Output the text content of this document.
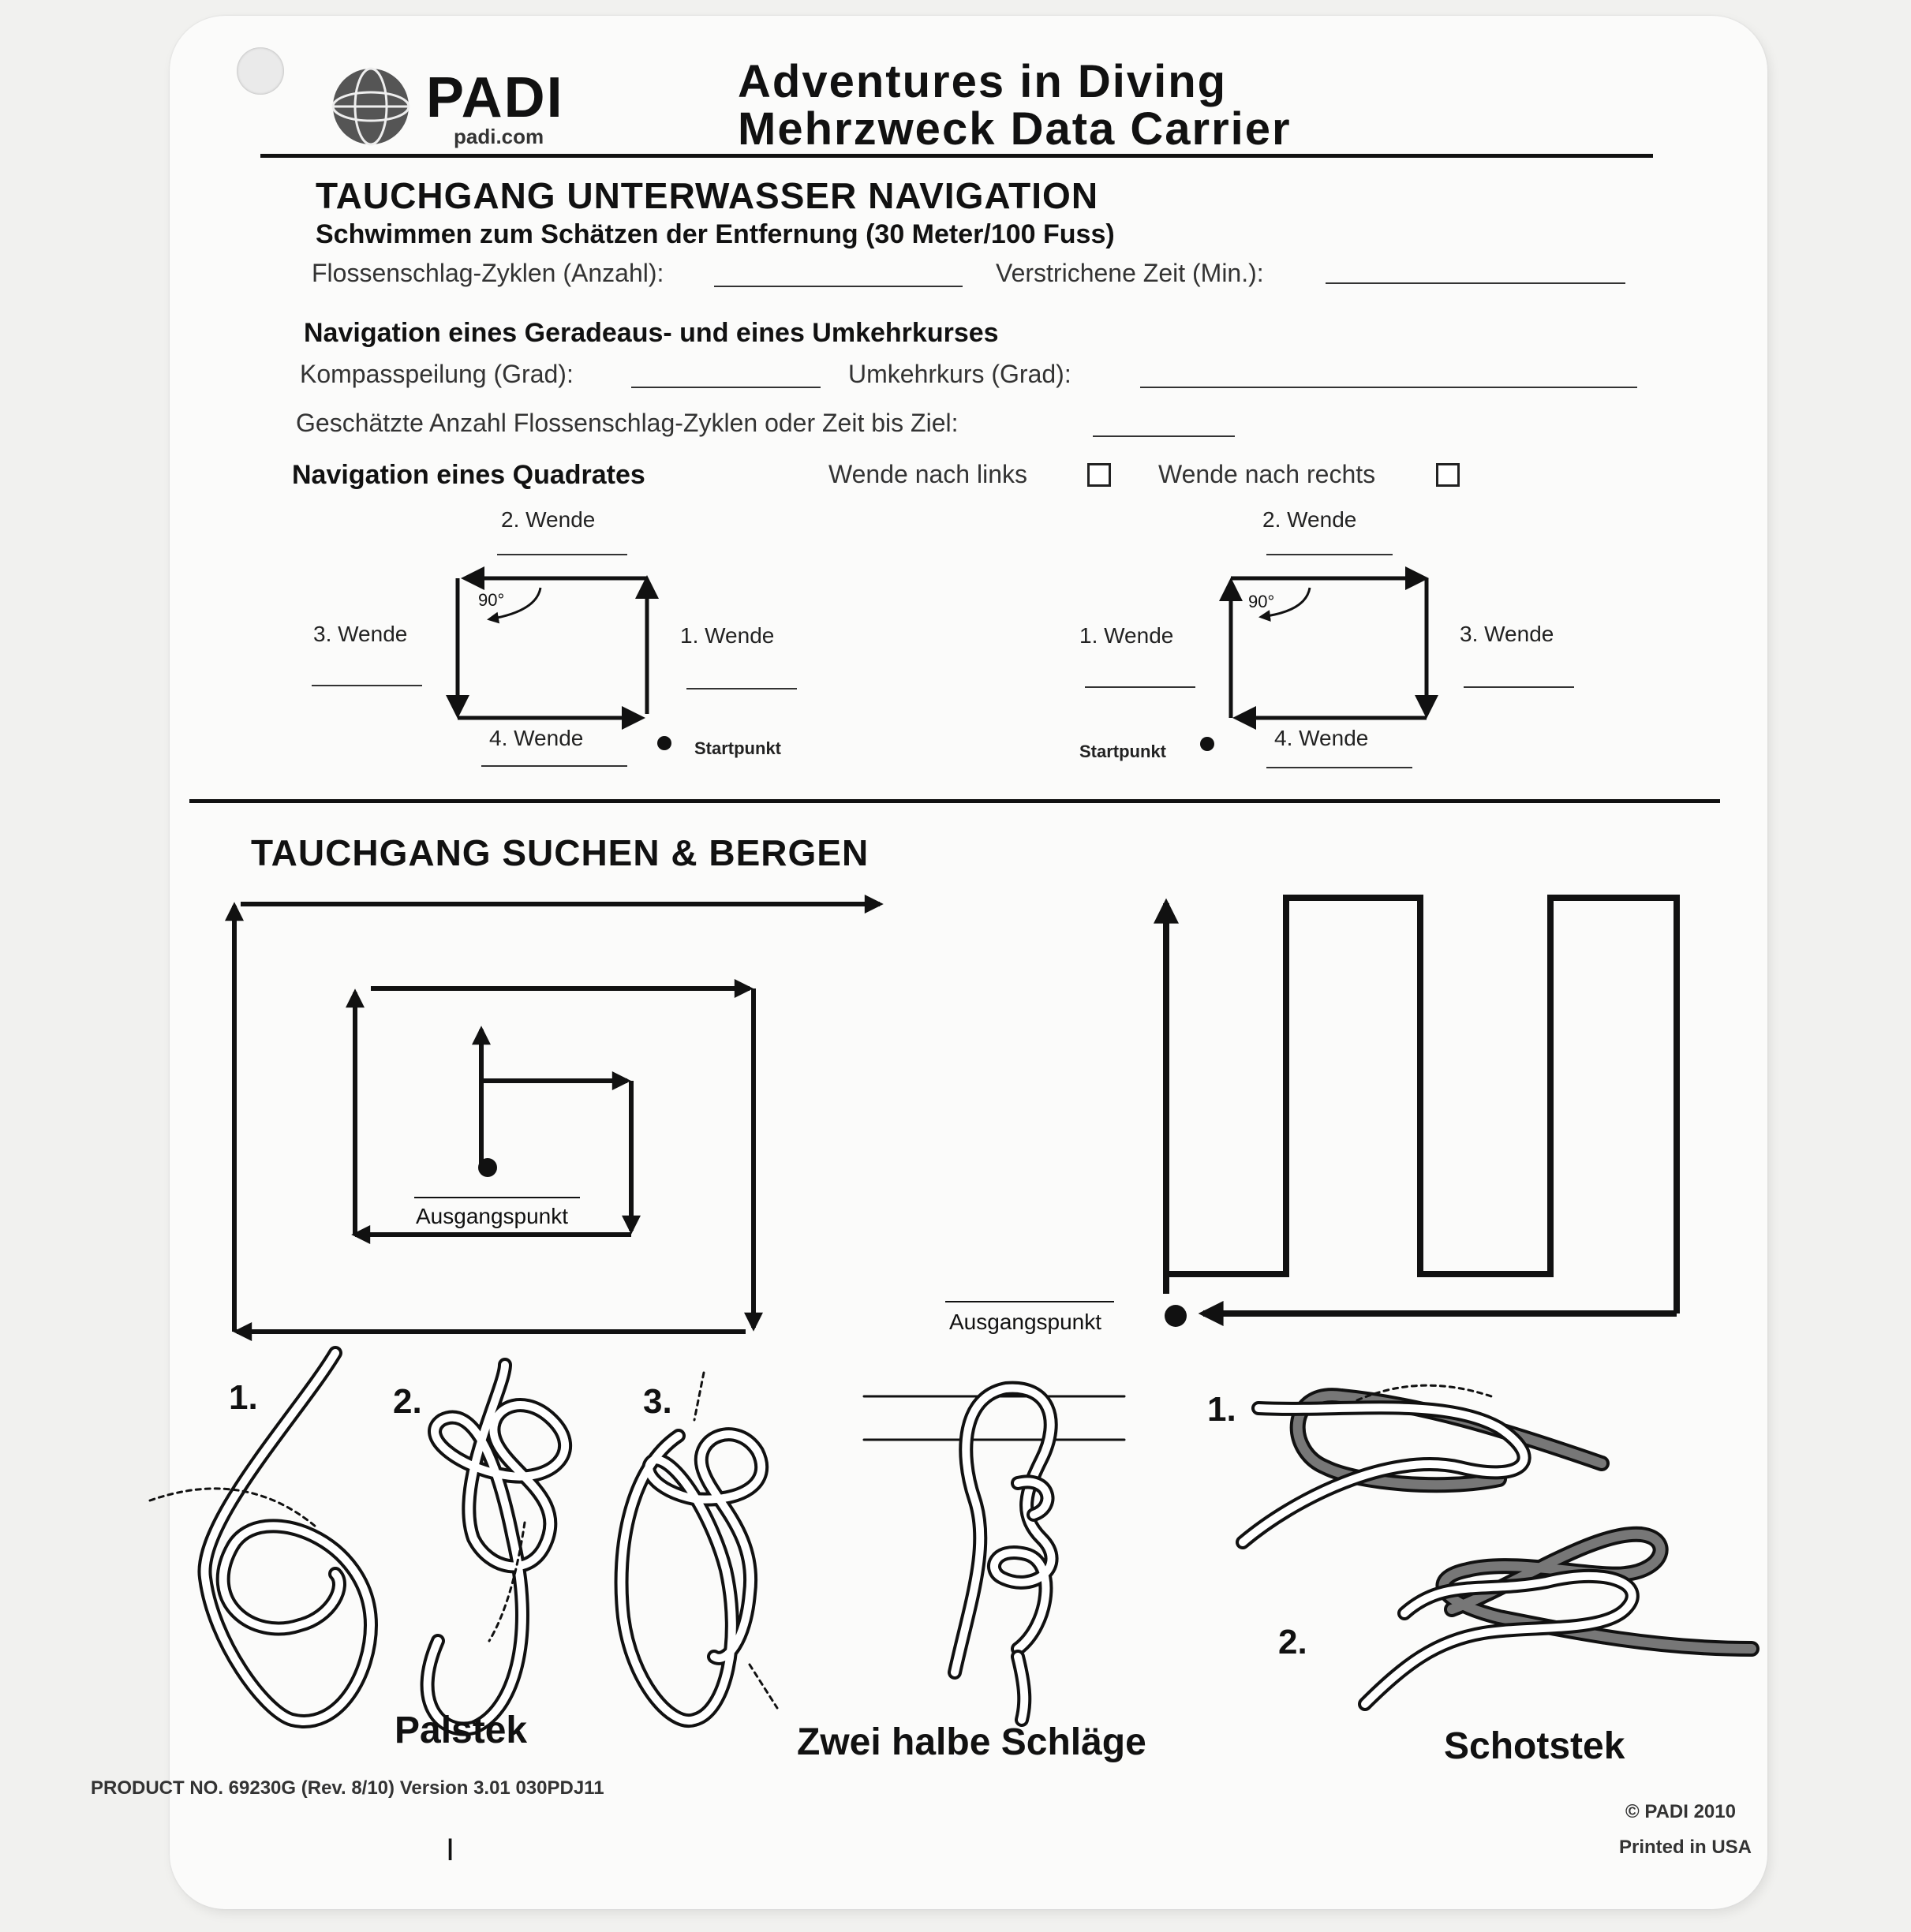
PADI
padi.com
Adventures in Diving
Mehrzweck Data Carrier
TAUCHGANG UNTERWASSER NAVIGATION
Schwimmen zum Schätzen der Entfernung (30 Meter/100 Fuss)
Flossenschlag-Zyklen (Anzahl):	Verstrichene Zeit (Min.):
Navigation eines Geradeaus- und eines Umkehrkurses
Kompasspeilung (Grad):	Umkehrkurs (Grad):
Geschätzte Anzahl Flossenschlag-Zyklen oder Zeit bis Ziel:
Navigation eines Quadrates	Wende nach links	Wende nach rechts
2. Wende
3. Wende	1. Wende
4. Wende
90°
Startpunkt
2. Wende
1. Wende	3. Wende
4. Wende
90°
Startpunkt
TAUCHGANG SUCHEN & BERGEN
Ausgangspunkt
Ausgangspunkt
1.	2.	3.
Palstek	Zwei halbe Schläge
1.
2.
Schotstek
PRODUCT NO. 69230G (Rev. 8/10) Version 3.01 030PDJ11
© PADI 2010
Printed in USA
I
